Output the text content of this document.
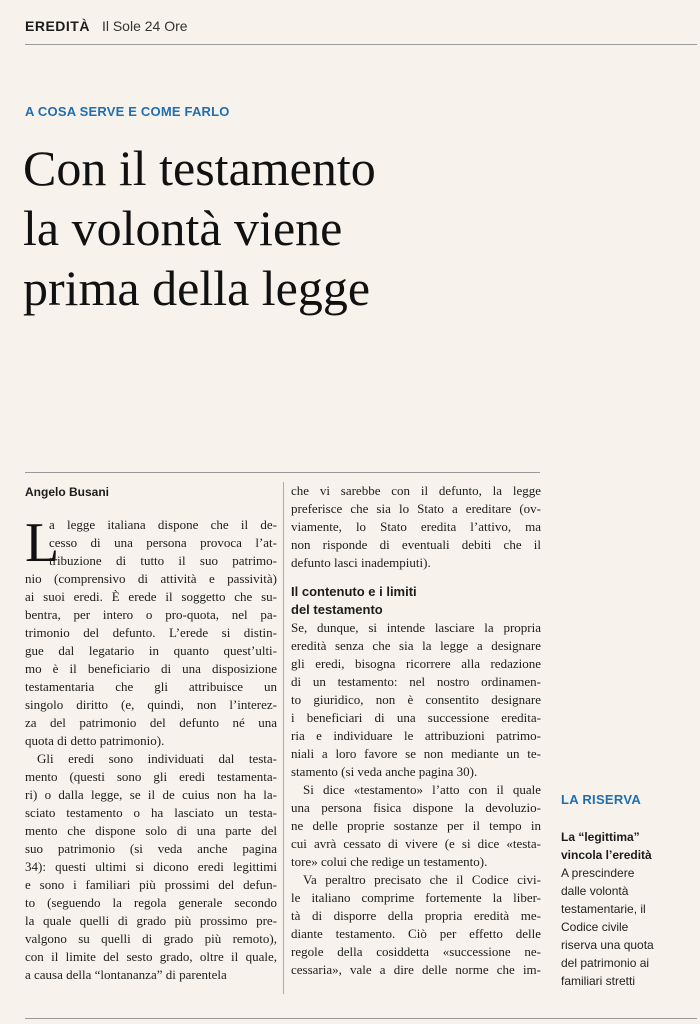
EREDITÀ Il Sole 24 Ore
A COSA SERVE E COME FARLO
Con il testamento
la volontà viene
prima della legge
Angelo Busani
L
a legge italiana dispone che il de-
cesso di una persona provoca l’at-
tribuzione di tutto il suo patrimo-
nio (comprensivo di attività e passività)
ai suoi eredi. È erede il soggetto che su-
bentra, per intero o pro-quota, nel pa-
trimonio del defunto. L’erede si distin-
gue dal legatario in quanto quest’ulti-
mo è il beneficiario di una disposizione
testamentaria che gli attribuisce un
singolo diritto (e, quindi, non l’interez-
za del patrimonio del defunto né una
quota di detto patrimonio).
Gli eredi sono individuati dal testa-
mento (questi sono gli eredi testamenta-
ri) o dalla legge, se il de cuius non ha la-
sciato testamento o ha lasciato un testa-
mento che dispone solo di una parte del
suo patrimonio (si veda anche pagina
34): questi ultimi si dicono eredi legittimi
e sono i familiari più prossimi del defun-
to (seguendo la regola generale secondo
la quale quelli di grado più prossimo pre-
valgono su quelli di grado più remoto),
con il limite del sesto grado, oltre il quale,
a causa della “lontananza” di parentela
che vi sarebbe con il defunto, la legge
preferisce che sia lo Stato a ereditare (ov-
viamente, lo Stato eredita l’attivo, ma
non risponde di eventuali debiti che il
defunto lasci inadempiuti).
Il contenuto e i limiti
del testamento
Se, dunque, si intende lasciare la propria
eredità senza che sia la legge a designare
gli eredi, bisogna ricorrere alla redazione
di un testamento: nel nostro ordinamen-
to giuridico, non è consentito designare
i beneficiari di una successione eredita-
ria e individuare le attribuzioni patrimo-
niali a loro favore se non mediante un te-
stamento (si veda anche pagina 30).
Si dice «testamento» l’atto con il quale
una persona fisica dispone la devoluzio-
ne delle proprie sostanze per il tempo in
cui avrà cessato di vivere (e si dice «testa-
tore» colui che redige un testamento).
Va peraltro precisato che il Codice civi-
le italiano comprime fortemente la liber-
tà di disporre della propria eredità me-
diante testamento. Ciò per effetto delle
regole della cosiddetta «successione ne-
cessaria», vale a dire delle norme che im-
LA RISERVA
La “legittima”
vincola l’eredità
A prescindere
dalle volontà
testamentarie, il
Codice civile
riserva una quota
del patrimonio ai
familiari stretti
